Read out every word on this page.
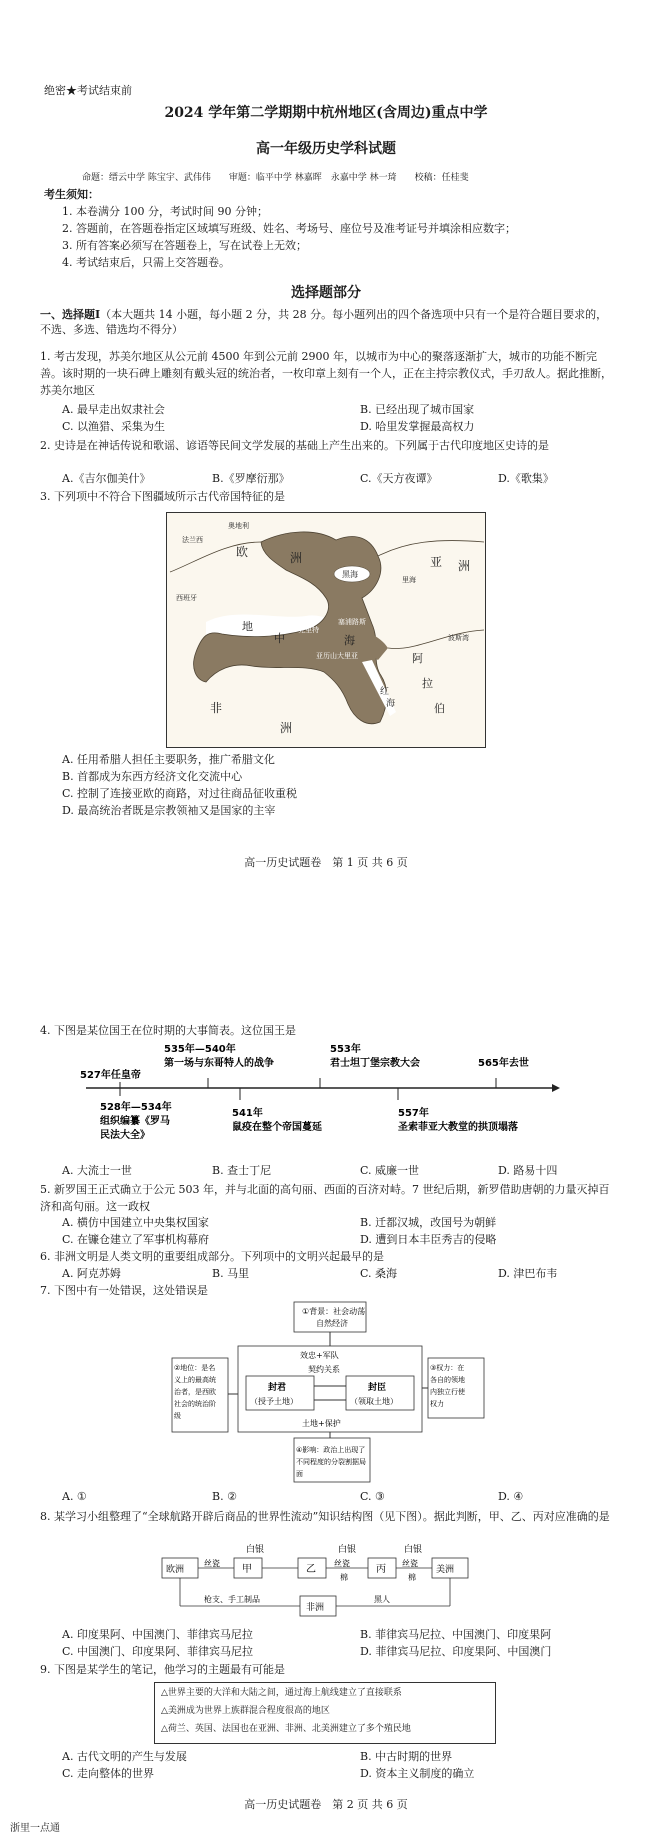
绝密★考试结束前
2024 学年第二学期期中杭州地区(含周边)重点中学
高一年级历史学科试题
命题：缙云中学 陈宝宇、武伟伟　　审题：临平中学 林嘉晖　永嘉中学 林一琦　　校稿：任桂斐
考生须知：
1. 本卷满分 100 分，考试时间 90 分钟；
2. 答题前，在答题卷指定区域填写班级、姓名、考场号、座位号及准考证号并填涂相应数字；
3. 所有答案必须写在答题卷上，写在试卷上无效；
4. 考试结束后，只需上交答题卷。
选择题部分
一、选择题Ⅰ（本大题共 14 小题，每小题 2 分，共 28 分。每小题列出的四个备选项中只有一个是符合题目要求的，不选、多选、错选均不得分）
1. 考古发现，苏美尔地区从公元前 4500 年到公元前 2900 年，以城市为中心的聚落逐渐扩大，城市的功能不断完善。该时期的一块石碑上雕刻有戴头冠的统治者，一枚印章上刻有一个人，正在主持宗教仪式，手刃敌人。据此推断，苏美尔地区
A. 最早走出奴隶社会	B. 已经出现了城市国家
C. 以渔猎、采集为生	D. 哈里发掌握最高权力
2. 史诗是在神话传说和歌谣、谚语等民间文学发展的基础上产生出来的。下列属于古代印度地区史诗的是
A.《吉尔伽美什》	B.《罗摩衍那》	C.《天方夜谭》	D.《歌集》
3. 下列项中不符合下图疆域所示古代帝国特征的是
欧	洲	亚 洲
非
洲
阿
拉
伯
地
中	海
黑海
红
海
克里特
塞浦路斯
亚历山大里亚
法兰西
西班牙
奥地利
里海
波斯湾
A. 任用希腊人担任主要职务，推广希腊文化
B. 首都成为东西方经济文化交流中心
C. 控制了连接亚欧的商路，对过往商品征收重税
D. 最高统治者既是宗教领袖又是国家的主宰
高一历史试题卷　第 1 页 共 6 页
4. 下图是某位国王在位时期的大事简表。这位国王是
527年任皇帝
535年—540年
第一场与东哥特人的战争
553年
君士坦丁堡宗教大会	565年去世
528年—534年
组织编纂《罗马
民法大全》
541年
鼠疫在整个帝国蔓延
557年
圣索菲亚大教堂的拱顶塌落
A. 大流士一世	B. 查士丁尼	C. 威廉一世	D. 路易十四
5. 新罗国王正式确立于公元 503 年，并与北面的高句丽、西面的百济对峙。7 世纪后期，新罗借助唐朝的力量灭掉百济和高句丽。这一政权
A. 横仿中国建立中央集权国家	B. 迁都汉城，改国号为朝鲜
C. 在镰仓建立了军事机构幕府	D. 遭到日本丰臣秀吉的侵略
6. 非洲文明是人类文明的重要组成部分。下列项中的文明兴起最早的是
A. 阿克苏姆	B. 马里	C. 桑海	D. 津巴布韦
7. 下图中有一处错误，这处错误是
①背景：社会动荡
自然经济
效忠+军队
契约关系
封君
（授予土地）
封臣
（领取土地）
土地+保护
②地位：是名
义上的最高统
治者，是西欧
社会的统治阶
级
③权力：在
各自的领地
内独立行使
权力
④影响：政治上出现了
不同程度的分裂割据局
面
A. ①	B. ②	C. ③	D. ④
8. 某学习小组整理了“全球航路开辟后商品的世界性流动”知识结构图（见下图）。据此判断，甲、乙、丙对应准确的是
白银	白银	白银
欧洲
丝瓷
甲	乙
丝瓷
棉
丙
丝瓷
棉
美洲
枪支、手工制品	黑人
非洲
A. 印度果阿、中国澳门、菲律宾马尼拉	B. 菲律宾马尼拉、中国澳门、印度果阿
C. 中国澳门、印度果阿、菲律宾马尼拉	D. 菲律宾马尼拉、印度果阿、中国澳门
9. 下图是某学生的笔记，他学习的主题最有可能是
△世界主要的大洋和大陆之间，通过海上航线建立了直接联系
△美洲成为世界上族群混合程度很高的地区
△荷兰、英国、法国也在亚洲、非洲、北美洲建立了多个殖民地
A. 古代文明的产生与发展	B. 中古时期的世界
C. 走向整体的世界	D. 资本主义制度的确立
高一历史试题卷　第 2 页 共 6 页
浙里一点通
